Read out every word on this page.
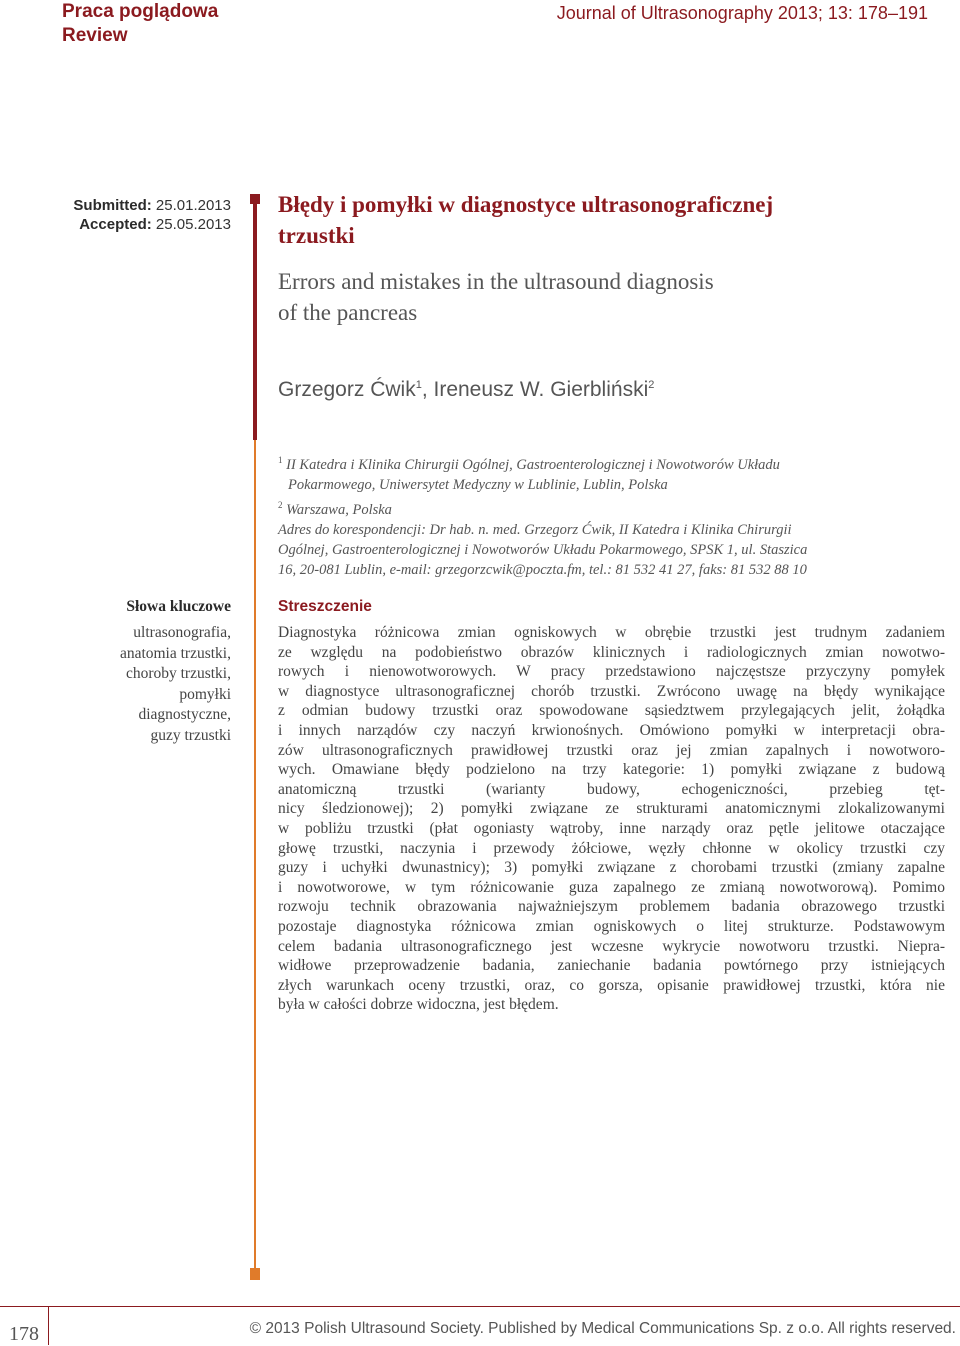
Praca poglądowa
Review
Journal of Ultrasonography 2013; 13: 178–191
Submitted: 25.01.2013
Accepted: 25.05.2013
Błędy i pomyłki w diagnostyce ultrasonograficznej
trzustki
Errors and mistakes in the ultrasound diagnosis
of the pancreas
Grzegorz Ćwik$^1$, Ireneusz W. Gierbliński$^2$

$^1$ II Katedra i Klinika Chirurgii Ogólnej, Gastroenterologicznej i Nowotworów Układu

Pokarmowego, Uniwersytet Medyczny w Lublinie, Lublin, Polska

$^2$ Warszawa, Polska

Adres do korespondencji: Dr hab. n. med. Grzegorz Ćwik, II Katedra i Klinika Chirurgii

Ogólnej, Gastroenterologicznej i Nowotworów Układu Pokarmowego, SPSK 1, ul. Staszica

16, 20-081 Lublin, e-mail: grzegorzcwik@poczta.fm, tel.: 81 532 41 27, faks: 81 532 88 10

Słowa kluczowe
ultrasonografia,
anatomia trzustki,
choroby trzustki,
pomyłki
diagnostyczne,
guzy trzustki
Streszczenie
Diagnostyka różnicowa zmian ogniskowych w obrębie trzustki jest trudnym zadaniem
ze względu na podobieństwo obrazów klinicznych i radiologicznych zmian nowotwo-
rowych i nienowotworowych. W pracy przedstawiono najczęstsze przyczyny pomyłek
w diagnostyce ultrasonograficznej chorób trzustki. Zwrócono uwagę na błędy wynikające
z odmian budowy trzustki oraz spowodowane sąsiedztwem przylegających jelit, żołądka
i innych narządów czy naczyń krwionośnych. Omówiono pomyłki w interpretacji obra-
zów ultrasonograficznych prawidłowej trzustki oraz jej zmian zapalnych i nowotworo-
wych. Omawiane błędy podzielono na trzy kategorie: 1) pomyłki związane z budową
anatomiczną trzustki (warianty budowy, echogeniczności, przebieg tęt-
nicy śledzionowej); 2) pomyłki związane ze strukturami anatomicznymi zlokalizowanymi
w pobliżu trzustki (płat ogoniasty wątroby, inne narządy oraz pętle jelitowe otaczające
głowę trzustki, naczynia i przewody żółciowe, węzły chłonne w okolicy trzustki czy
guzy i uchyłki dwunastnicy); 3) pomyłki związane z chorobami trzustki (zmiany zapalne
i nowotworowe, w tym różnicowanie guza zapalnego ze zmianą nowotworową). Pomimo
rozwoju technik obrazowania najważniejszym problemem badania obrazowego trzustki
pozostaje diagnostyka różnicowa zmian ogniskowych o litej strukturze. Podstawowym
celem badania ultrasonograficznego jest wczesne wykrycie nowotworu trzustki. Niepra-
widłowe przeprowadzenie badania, zaniechanie badania powtórnego przy istniejących
złych warunkach oceny trzustki, oraz, co gorsza, opisanie prawidłowej trzustki, która nie
była w całości dobrze widoczna, jest błędem.
178	© 2013 Polish Ultrasound Society. Published by Medical Communications Sp. z o.o. All rights reserved.
